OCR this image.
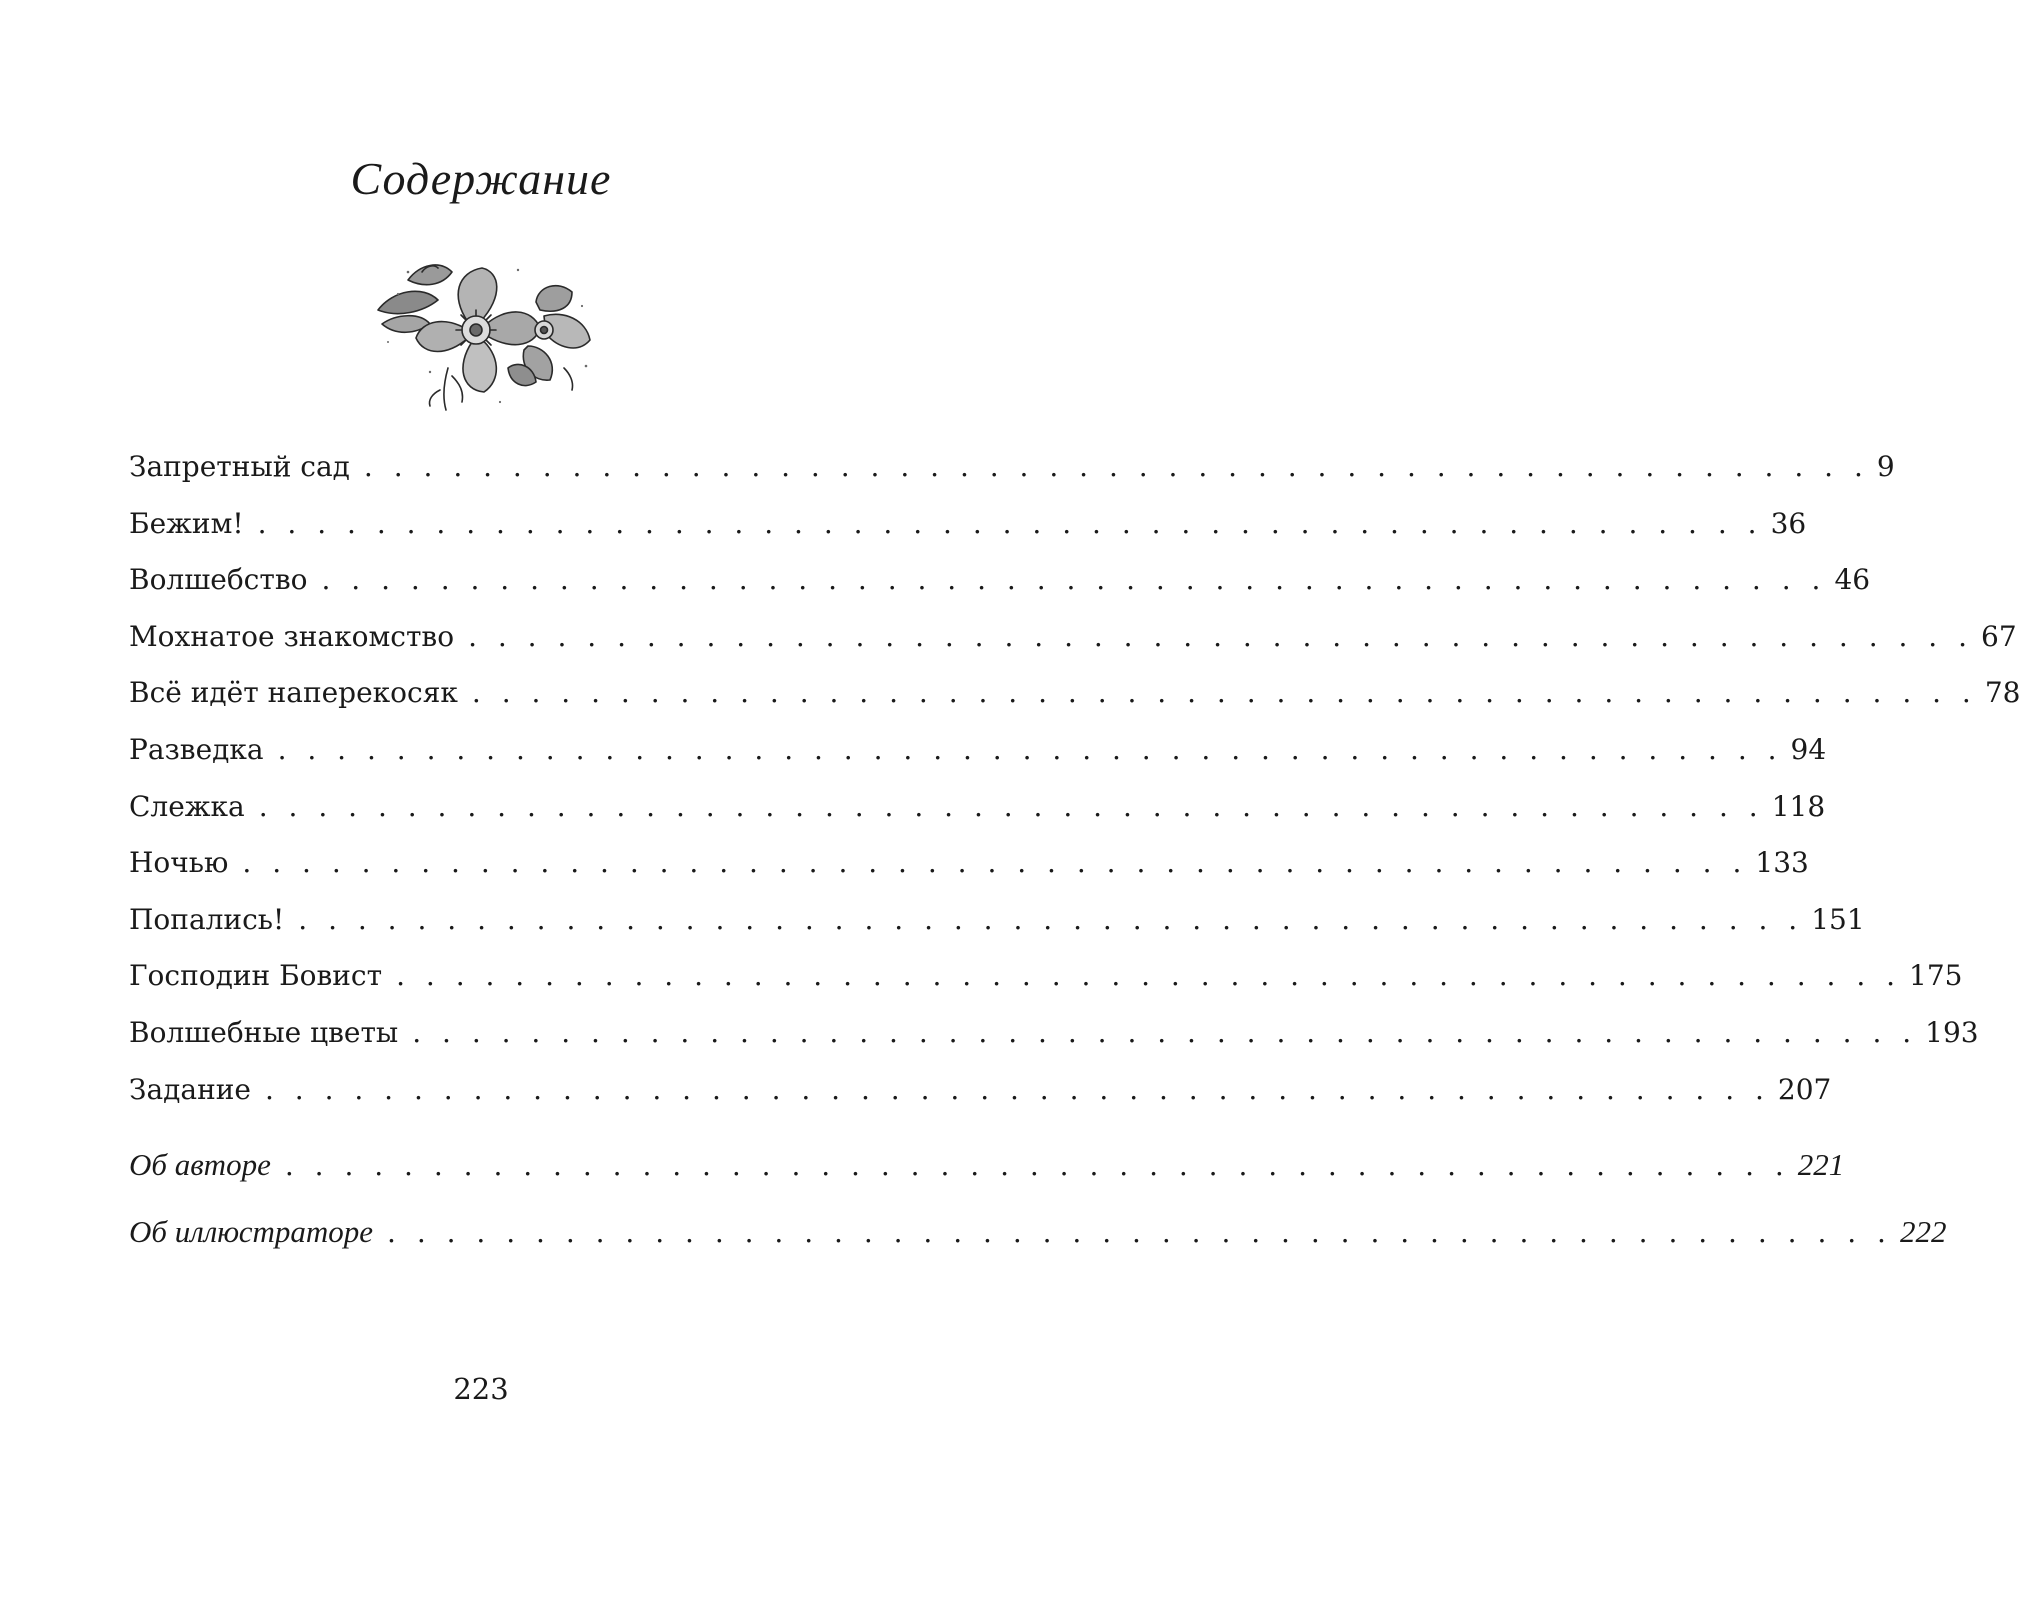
Содержание
Запретный сад . . . . . . . . . . . . . . . . . . . . . . . . . . . . . . . . . . . . . . . . . . . . . . . . . . . 9
Бежим! . . . . . . . . . . . . . . . . . . . . . . . . . . . . . . . . . . . . . . . . . . . . . . . . . . . 36
Волшебство . . . . . . . . . . . . . . . . . . . . . . . . . . . . . . . . . . . . . . . . . . . . . . . . . . . 46
Мохнатое знакомство . . . . . . . . . . . . . . . . . . . . . . . . . . . . . . . . . . . . . . . . . . . . . . . . . . . 67
Всё идёт наперекосяк . . . . . . . . . . . . . . . . . . . . . . . . . . . . . . . . . . . . . . . . . . . . . . . . . . . 78
Разведка . . . . . . . . . . . . . . . . . . . . . . . . . . . . . . . . . . . . . . . . . . . . . . . . . . . 94
Слежка . . . . . . . . . . . . . . . . . . . . . . . . . . . . . . . . . . . . . . . . . . . . . . . . . . . 118
Ночью . . . . . . . . . . . . . . . . . . . . . . . . . . . . . . . . . . . . . . . . . . . . . . . . . . . 133
Попались! . . . . . . . . . . . . . . . . . . . . . . . . . . . . . . . . . . . . . . . . . . . . . . . . . . . 151
Господин Бовист . . . . . . . . . . . . . . . . . . . . . . . . . . . . . . . . . . . . . . . . . . . . . . . . . . . 175
Волшебные цветы . . . . . . . . . . . . . . . . . . . . . . . . . . . . . . . . . . . . . . . . . . . . . . . . . . . 193
Задание . . . . . . . . . . . . . . . . . . . . . . . . . . . . . . . . . . . . . . . . . . . . . . . . . . . 207
Об авторе . . . . . . . . . . . . . . . . . . . . . . . . . . . . . . . . . . . . . . . . . . . . . . . . . . . 221
Об иллюстраторе . . . . . . . . . . . . . . . . . . . . . . . . . . . . . . . . . . . . . . . . . . . . . . . . . . . 222
223
